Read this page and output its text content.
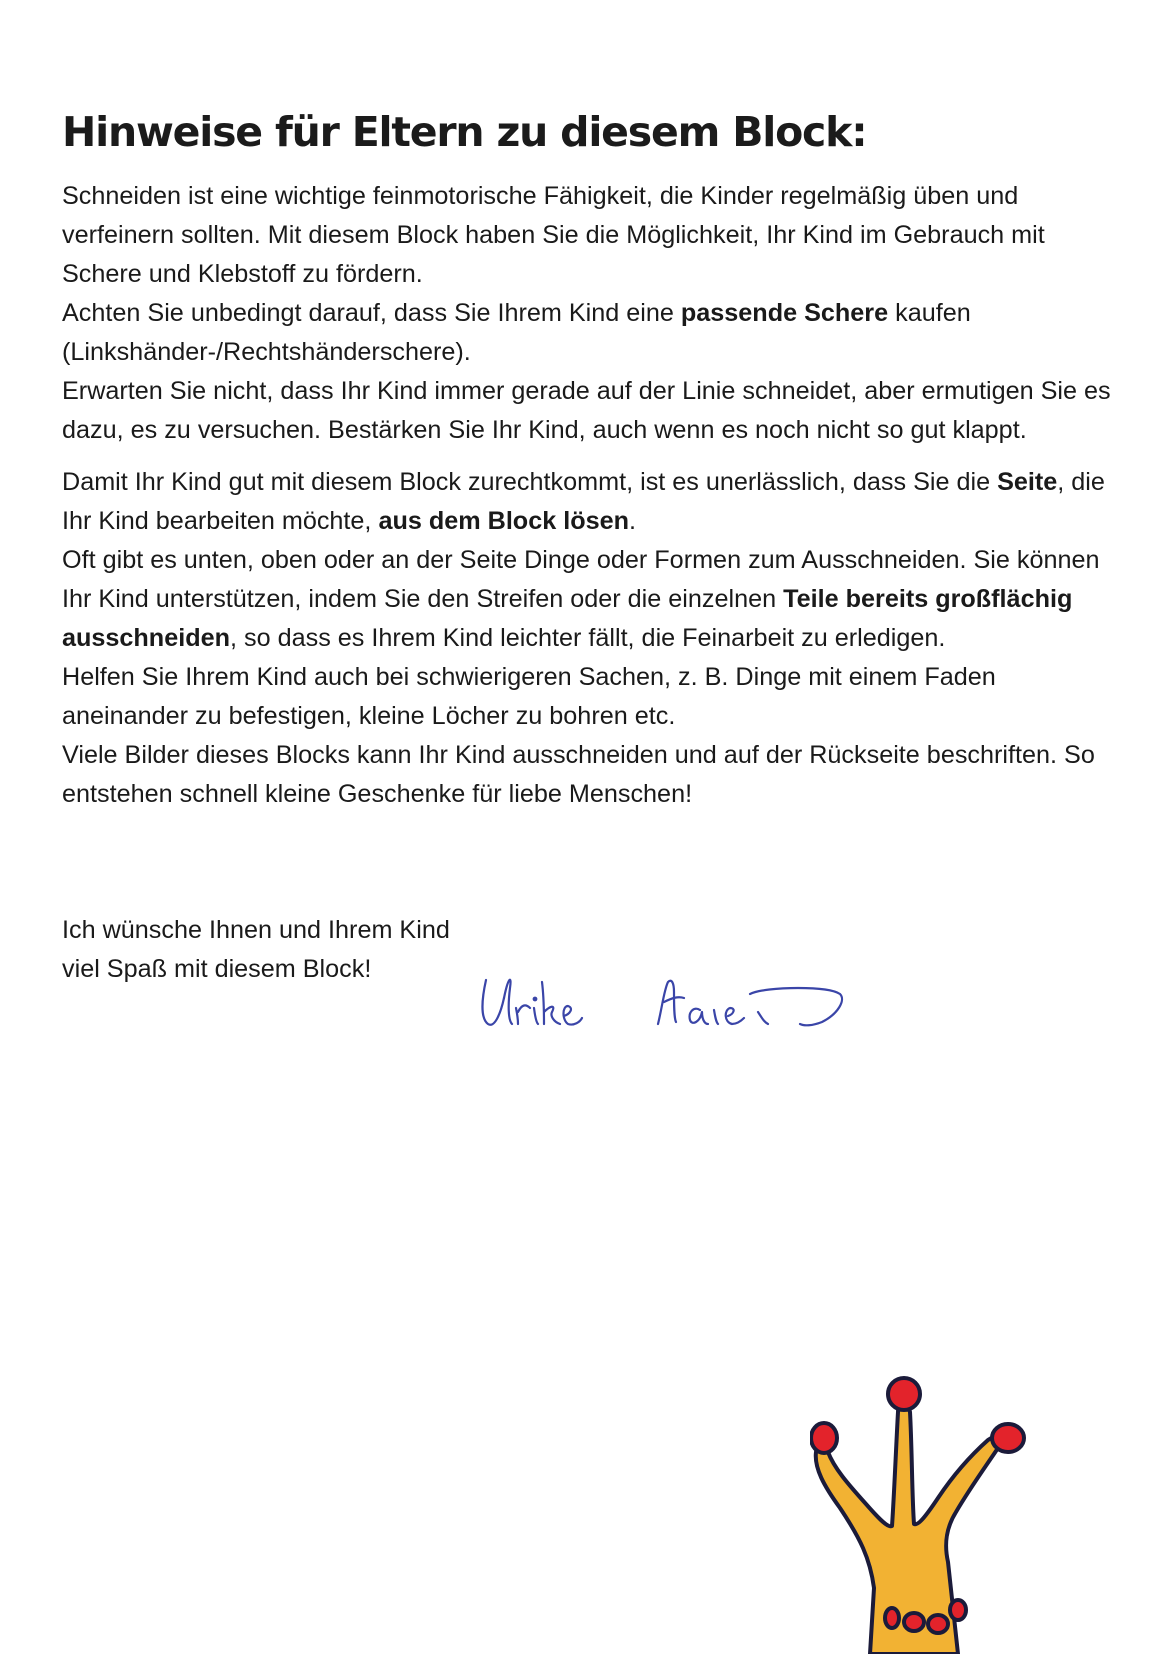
Hinweise für Eltern zu diesem Block:

Schneiden ist eine wichtige feinmotorische Fähigkeit, die Kinder regelmäßig üben und verfeinern sollten. Mit diesem Block haben Sie die Möglichkeit, Ihr Kind im Gebrauch mit Schere und Klebstoff zu fördern.

Achten Sie unbedingt darauf, dass Sie Ihrem Kind eine passende Schere kaufen (Linkshänder-/Rechtshänderschere).

Erwarten Sie nicht, dass Ihr Kind immer gerade auf der Linie schneidet, aber ermutigen Sie es dazu, es zu versuchen. Bestärken Sie Ihr Kind, auch wenn es noch nicht so gut klappt.

Damit Ihr Kind gut mit diesem Block zurechtkommt, ist es unerlässlich, dass Sie die Seite, die Ihr Kind bearbeiten möchte, aus dem Block lösen.

Oft gibt es unten, oben oder an der Seite Dinge oder Formen zum Ausschneiden. Sie können Ihr Kind unterstützen, indem Sie den Streifen oder die einzelnen Teile bereits großflächig ausschneiden, so dass es Ihrem Kind leichter fällt, die Feinarbeit zu erledigen.

Helfen Sie Ihrem Kind auch bei schwierigeren Sachen, z. B. Dinge mit einem Faden aneinander zu befestigen, kleine Löcher zu bohren etc.

Viele Bilder dieses Blocks kann Ihr Kind ausschneiden und auf der Rückseite beschriften. So entstehen schnell kleine Geschenke für liebe Menschen!

Ich wünsche Ihnen und Ihrem Kind

viel Spaß mit diesem Block!
